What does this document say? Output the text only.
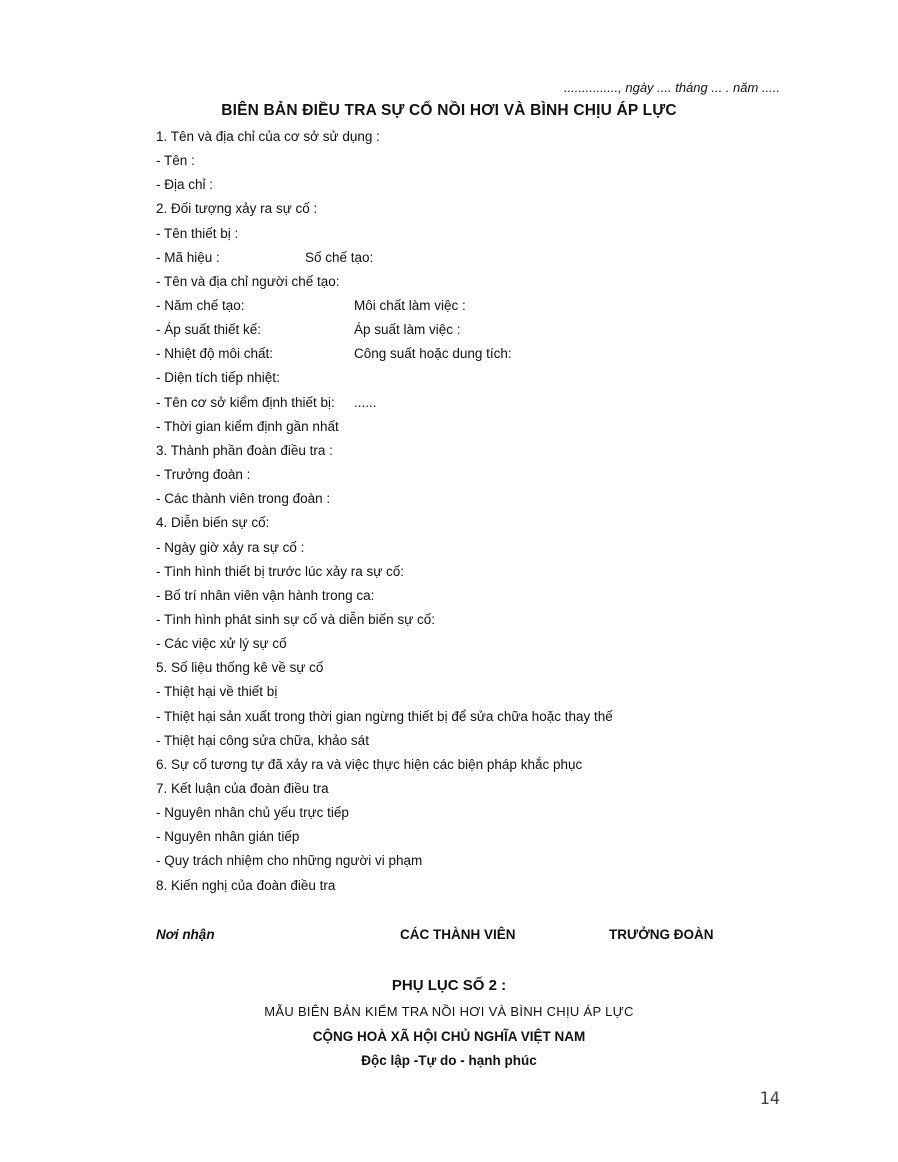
..............., ngày .... tháng ... . năm .....
BIÊN BẢN ĐIỀU TRA SỰ CỐ NỒI HƠI VÀ BÌNH CHỊU ÁP LỰC
1. Tên và địa chỉ của cơ sở sử dụng :
- Tên :
- Địa chỉ :
2. Đối tượng xảy ra sự cố :
- Tên thiết bị :
- Mã hiệu :
- Tên và địa chỉ người chế tạo:
- Năm chế tạo:
- Áp suất thiết kế:
- Nhiệt độ môi chất:
- Diện tích tiếp nhiệt:
- Tên cơ sở kiểm định thiết bị:
- Thời gian kiểm định gần nhất
3. Thành phần đoàn điều tra :
- Trưởng đoàn :
- Các thành viên trong đoàn :
4. Diễn biến sự cố:
- Ngày giờ xảy ra sự cố :
- Tình hình thiết bị trước lúc xảy ra sự cố:
- Bố trí nhân viên vận hành trong ca:
- Tình hình phát sinh sự cố và diễn biến sự cố:
- Các việc xử lý sự cố
5. Số liệu thống kê về sự cố
- Thiệt hại về thiết bị
- Thiệt hại sản xuất trong thời gian ngừng thiết bị để sửa chữa hoặc thay thế
- Thiệt hại công sửa chữa, khảo sát
6. Sự cố tương tự đã xảy ra và việc thực hiện các biện pháp khắc phục
7. Kết luận của đoàn điều tra
- Nguyên nhân chủ yếu trực tiếp
- Nguyên nhân gián tiếp
- Quy trách nhiệm cho những người vi phạm
8. Kiến nghị của đoàn điều tra
Số chế tạo:
Môi chất làm việc :
Áp suất làm việc :
Công suất hoặc dung tích:
......
Nơi nhận	CÁC THÀNH VIÊN	TRƯỞNG ĐOÀN
PHỤ LỤC SỐ 2 :
MẪU BIÊN BẢN KIỂM TRA NỒI HƠI VÀ BÌNH CHỊU ÁP LỰC
CỘNG HOÀ XÃ HỘI CHỦ NGHĨA VIỆT NAM
Độc lập -Tự do - hạnh phúc
14
